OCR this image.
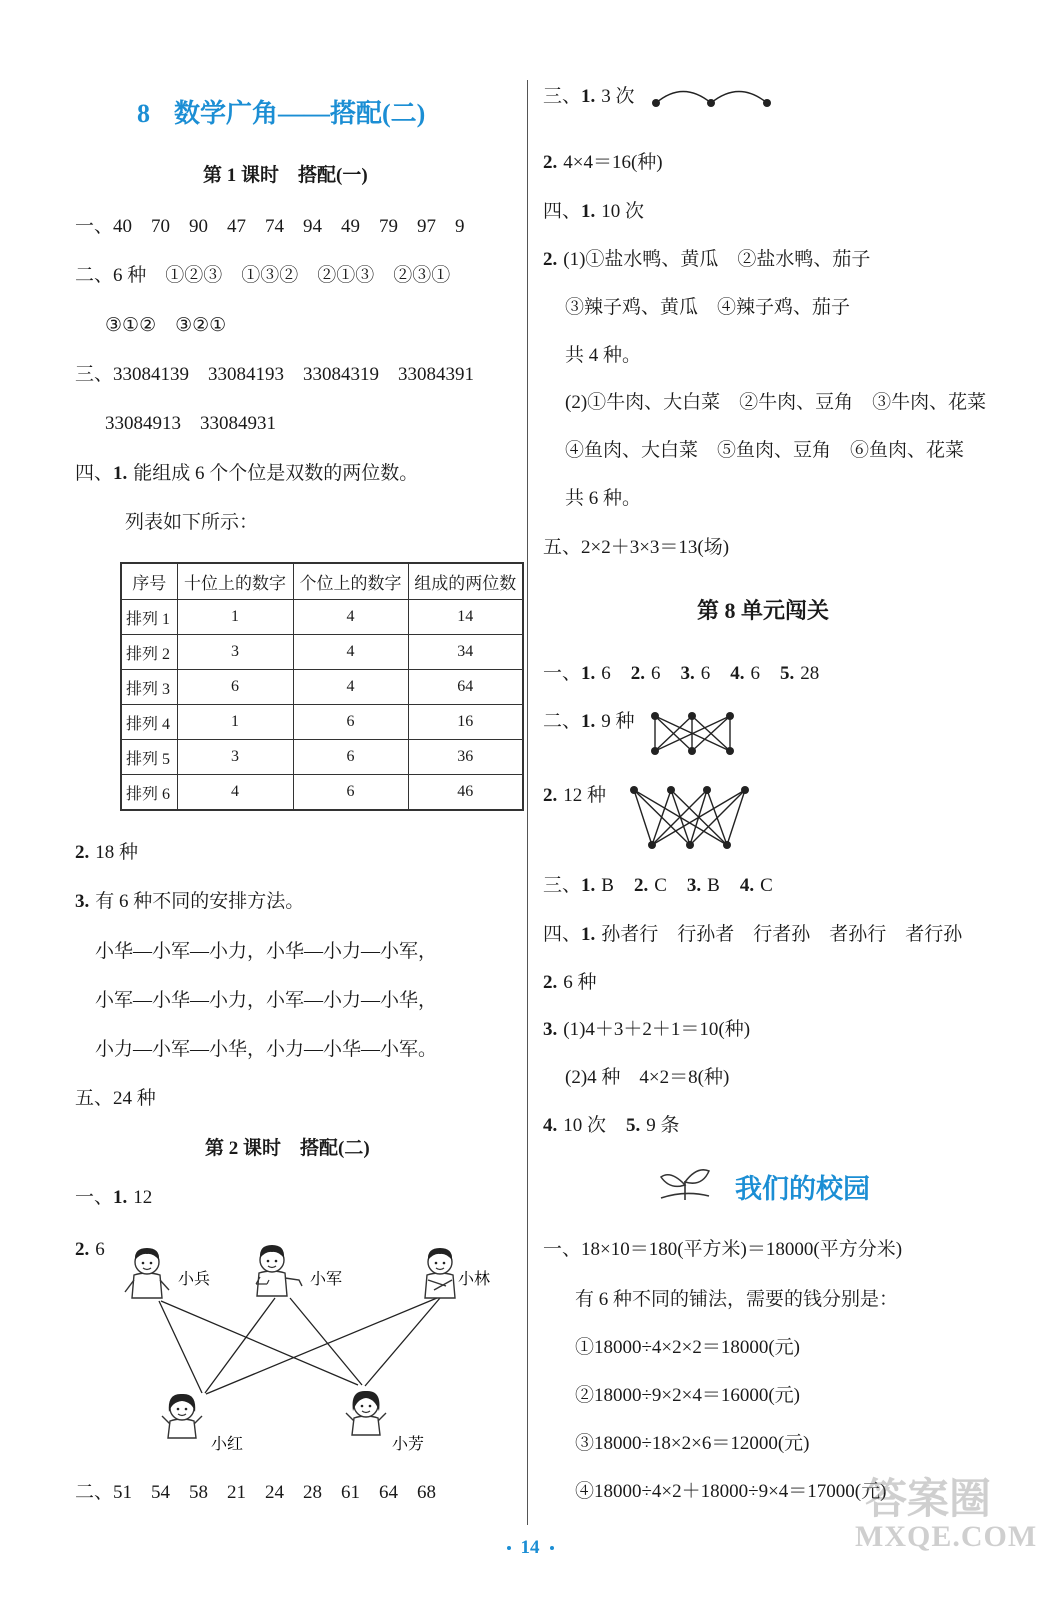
8 数学广角——搭配(二)
第 1 课时　搭配(一)
一、40　70　90　47　74　94　49　79　97　9
二、6 种　①②③　①③②　②①③　②③①
③①②　③②①
三、33084139　33084193　33084319　33084391
33084913　33084931
四、1. 能组成 6 个个位是双数的两位数。
列表如下所示：
序号	十位上的数字	个位上的数字	组成的两位数
排列 1	1	4	14
排列 2	3	4	34
排列 3	6	4	64
排列 4	1	6	16
排列 5	3	6	36
排列 6	4	6	46
2. 18 种
3. 有 6 种不同的安排方法。
小华—小军—小力，小华—小力—小军，
小军—小华—小力，小军—小力—小华，
小力—小军—小华，小力—小华—小军。
五、24 种
第 2 课时　搭配(二)
一、1. 12
2. 6
小兵	小军	小林
小红	小芳
二、51　54　58　21　24　28　61　64　68
三、1. 3 次
2. 4×4＝16(种)
四、1. 10 次
2. (1)①盐水鸭、黄瓜　②盐水鸭、茄子
③辣子鸡、黄瓜　④辣子鸡、茄子
共 4 种。
(2)①牛肉、大白菜　②牛肉、豆角　③牛肉、花菜
④鱼肉、大白菜　⑤鱼肉、豆角　⑥鱼肉、花菜
共 6 种。
五、2×2＋3×3＝13(场)
第 8 单元闯关
一、1. 6 2. 6 3. 6 4. 6 5. 28
二、1. 9 种
2. 12 种
三、1. B 2. C 3. B 4. C
四、1. 孙者行　行孙者　行者孙　者孙行　者行孙
2. 6 种
3. (1)4＋3＋2＋1＝10(种)
(2)4 种　4×2＝8(种)
4. 10 次 5. 9 条
我们的校园
一、18×10＝180(平方米)＝18000(平方分米)
有 6 种不同的铺法，需要的钱分别是：
①18000÷4×2×2＝18000(元)
②18000÷9×2×4＝16000(元)
③18000÷18×2×6＝12000(元)
④18000÷4×2＋18000÷9×4＝17000(元)
14
答案圈
MXQE.COM
